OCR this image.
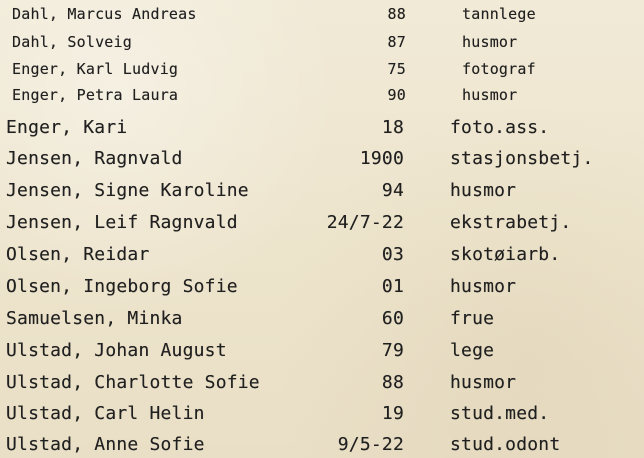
Dahl, Marcus Andreas	88	tannlege
Dahl, Solveig	87	husmor
Enger, Karl Ludvig	75	fotograf
Enger, Petra Laura	90	husmor
Enger, Kari	18	foto.ass.
Jensen, Ragnvald	1900	stasjonsbetj.
Jensen, Signe Karoline	94	husmor
Jensen, Leif Ragnvald	24/7-22	ekstrabetj.
Olsen, Reidar	03	skotøiarb.
Olsen, Ingeborg Sofie	01	husmor
Samuelsen, Minka	60	frue
Ulstad, Johan August	79	lege
Ulstad, Charlotte Sofie	88	husmor
Ulstad, Carl Helin	19	stud.med.
Ulstad, Anne Sofie	9/5-22	stud.odont
